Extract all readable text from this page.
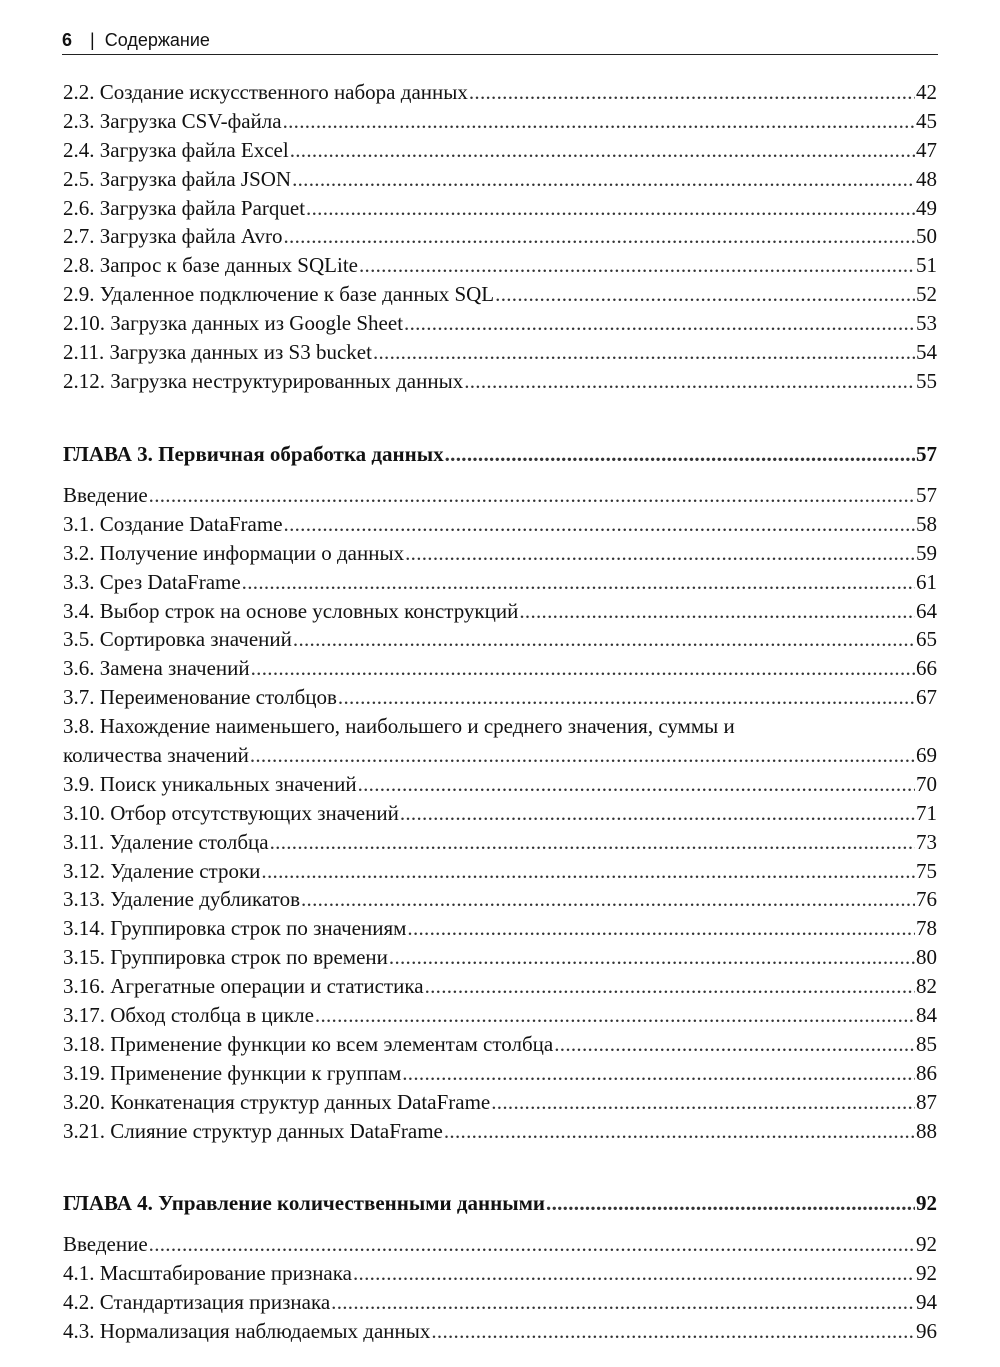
6 | Содержание
2.2. Создание искусственного набора данных .....	42
2.3. Загрузка CSV-файла .....	45
2.4. Загрузка файла Excel .....	47
2.5. Загрузка файла JSON .....	48
2.6. Загрузка файла Parquet .....	49
2.7. Загрузка файла Avro .....	50
2.8. Запрос к базе данных SQLite .....	51
2.9. Удаленное подключение к базе данных SQL .....	52
2.10. Загрузка данных из Google Sheet .....	53
2.11. Загрузка данных из S3 bucket .....	54
2.12. Загрузка неструктурированных данных .....	55
ГЛАВА 3. Первичная обработка данных .....	57
Введение .....	57
3.1. Создание DataFrame .....	58
3.2. Получение информации о данных .....	59
3.3. Срез DataFrame .....	61
3.4. Выбор строк на основе условных конструкций .....	64
3.5. Сортировка значений .....	65
3.6. Замена значений .....	66
3.7. Переименование столбцов .....	67
3.8. Нахождение наименьшего, наибольшего и среднего значения, суммы и
количества значений .....	69
3.9. Поиск уникальных значений .....	70
3.10. Отбор отсутствующих значений .....	71
3.11. Удаление столбца .....	73
3.12. Удаление строки .....	75
3.13. Удаление дубликатов .....	76
3.14. Группировка строк по значениям .....	78
3.15. Группировка строк по времени .....	80
3.16. Агрегатные операции и статистика .....	82
3.17. Обход столбца в цикле .....	84
3.18. Применение функции ко всем элементам столбца .....	85
3.19. Применение функции к группам .....	86
3.20. Конкатенация структур данных DataFrame .....	87
3.21. Слияние структур данных DataFrame .....	88
ГЛАВА 4. Управление количественными данными .....	92
Введение .....	92
4.1. Масштабирование признака .....	92
4.2. Стандартизация признака .....	94
4.3. Нормализация наблюдаемых данных .....	96
